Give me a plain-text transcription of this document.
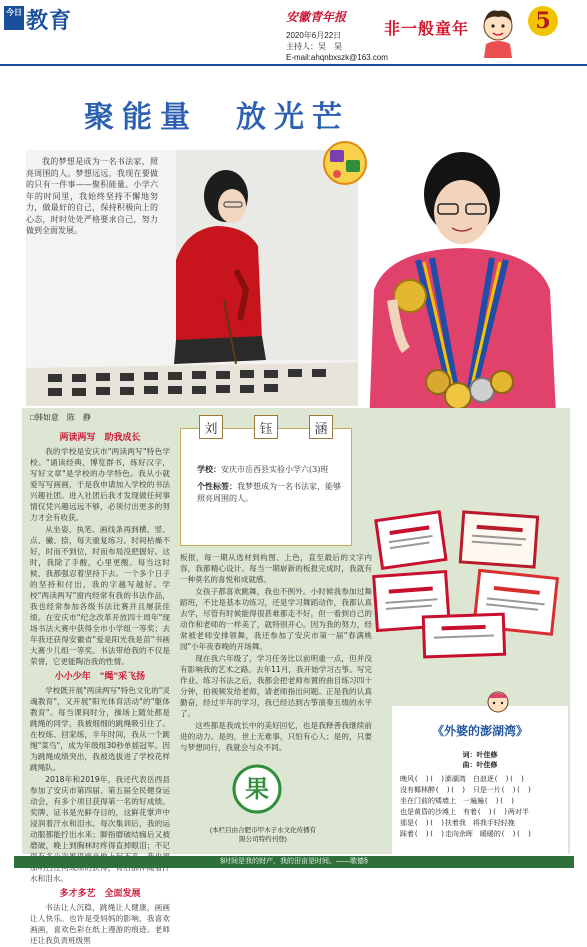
今日 教育	安徽青年报
非一般童年
2020年6月22日
主持人：吴　昊
E-mail:ahqnbxszk@163.com
5
聚能量　放光芒
我的梦想是成为一名书法家，照亮周围的人。梦想远远，我现在要做的只有一件事——聚积能量。小学六年的时间里，我始终坚持不懈地努力，做最好的自己，保持积极向上的心态，时时处处严格要求自己，努力做到全面发展。
□韩如意　陈　静

两读两写　助我成长

我的学校是安庆市"两读两写"特色学校。"诵读经典，博览群书，练好汉字，写好文章"是学校的办学特色。我从小就爱写写画画，于是我申请加入学校的书法兴趣社团。进入社团后我才发现做任何事情仅凭兴趣远远不够，必须付出更多的努力才会有收获。

从坐姿、执笔、画线条再到横、竖、点、撇、捺，每天重复练习。时间枯燥不好，时而不到位，时而布局没把握好。这时，我除了手酸，心里更酸。每当这时候，我都强忍着坚持下去。一个多个日子的坚持和付出，我的字越写越好。学校"两读两写"窗内经常有我的书法作品，我也经常参加各级书法比赛并且屡获佳绩。在安庆市"纪念改革开放四十周年"现场书法大赛中获得全市小学组一等奖；去年我还获得安徽省"爱是阳光我是苗"书画大赛少儿组一等奖。书法带给我的不仅是荣誉，它更能陶冶我的性情。

小小少年　"绳"采飞扬

学校既开展"两读两写"特色文化的"灵魂教育"，又开展"阳光体育活动"的"躯体教育"。每当课间时分，操场上随处都是跳绳的同学，我被细细的跳绳吸引住了。在校练、回家练，半年时间，我从一个跳绳"菜鸟"，成为年级组30秒单摇冠军。因为跳绳成绩突出，我被选拔进了学校花样跳绳队。

2018年和2019年，我还代表岳西县参加了安庆市第四届、第五届全民健身运动会，有多个项目获得第一名的好成绩。奖牌、证书是光鲜夺目的，这鲜花掌声中浸润着汗水和泪水。每次集训后，我的运动服都能拧出水来；脚指磨破结痂后又被磨破，晚上到胸林时疼得直掉眼泪；不记 水和泪水。

多才多艺　全面发展

书法让人沉稳，跳绳让人健康，画画让人快乐。也许是受妈妈的影响，我喜欢画画，喜欢色彩在纸上漫游的痕迹。老师还让我负责班级黑

刘	钰	涵
学校：安庆市岳西县实验小学六(3)班
个性标签：我梦想成为一名书法家，能够照亮周围的人。

板报，每一期从选材到构图、上色，直至最后的文字内容，我都精心设计。每当一期崭新的板报完成时，我就有一种莫名的喜悦和成就感。

女孩子都喜欢跳舞，我也不例外。小时候我参加过舞蹈班，不比是基本功练习，还是学习舞蹈动作，我都认真去学，尽管有时候能得很甚难都走不好，但一看到自己的动作和老师的一样美了，就特别开心。因为我的努力，经常被老师安排领舞，我还参加了安庆市第一届"春满桃园"小年夜春晚的开场舞。

现在我六年级了，学习任务比以前明重一点，但并没有影响我的艺术之路。去年11月，我开始学习古筝。写完作业、练习书法之后，我都会把老师布置的曲目练习四十分钟，拍视频发给老师，请老师指出问题。正是我的认真勤奋，经过半年的学习，我已经达到古筝演奏五级的水平了。

这些都是我成长中的美好回忆，也是我释善我继续前进的动力。是的，世上无难事，只怕有心人；是的，只要与梦想同行，我就会与众不同。

果
(本栏目由合肥市甲木子水文化传播有限公司特约刊登)
《外婆的澎湖湾》
词：叶佳修
曲：叶佳修
晚风(　)(　)澎湖湾　白浪逐(　)(　)
没有椰林醉(　)(　)　只是一片(　)(　)
坐在门前的矮墙上　一遍遍(　)(　)
也是黄昏的沙滩上　有着(　)(　)两对半
那是(　)(　)扶着我　将我手轻轻挽
踩着(　)(　)走向余晖　暖暖的(　)(　)
§时间是我的财产，我的田亩是时间。——歌德§
